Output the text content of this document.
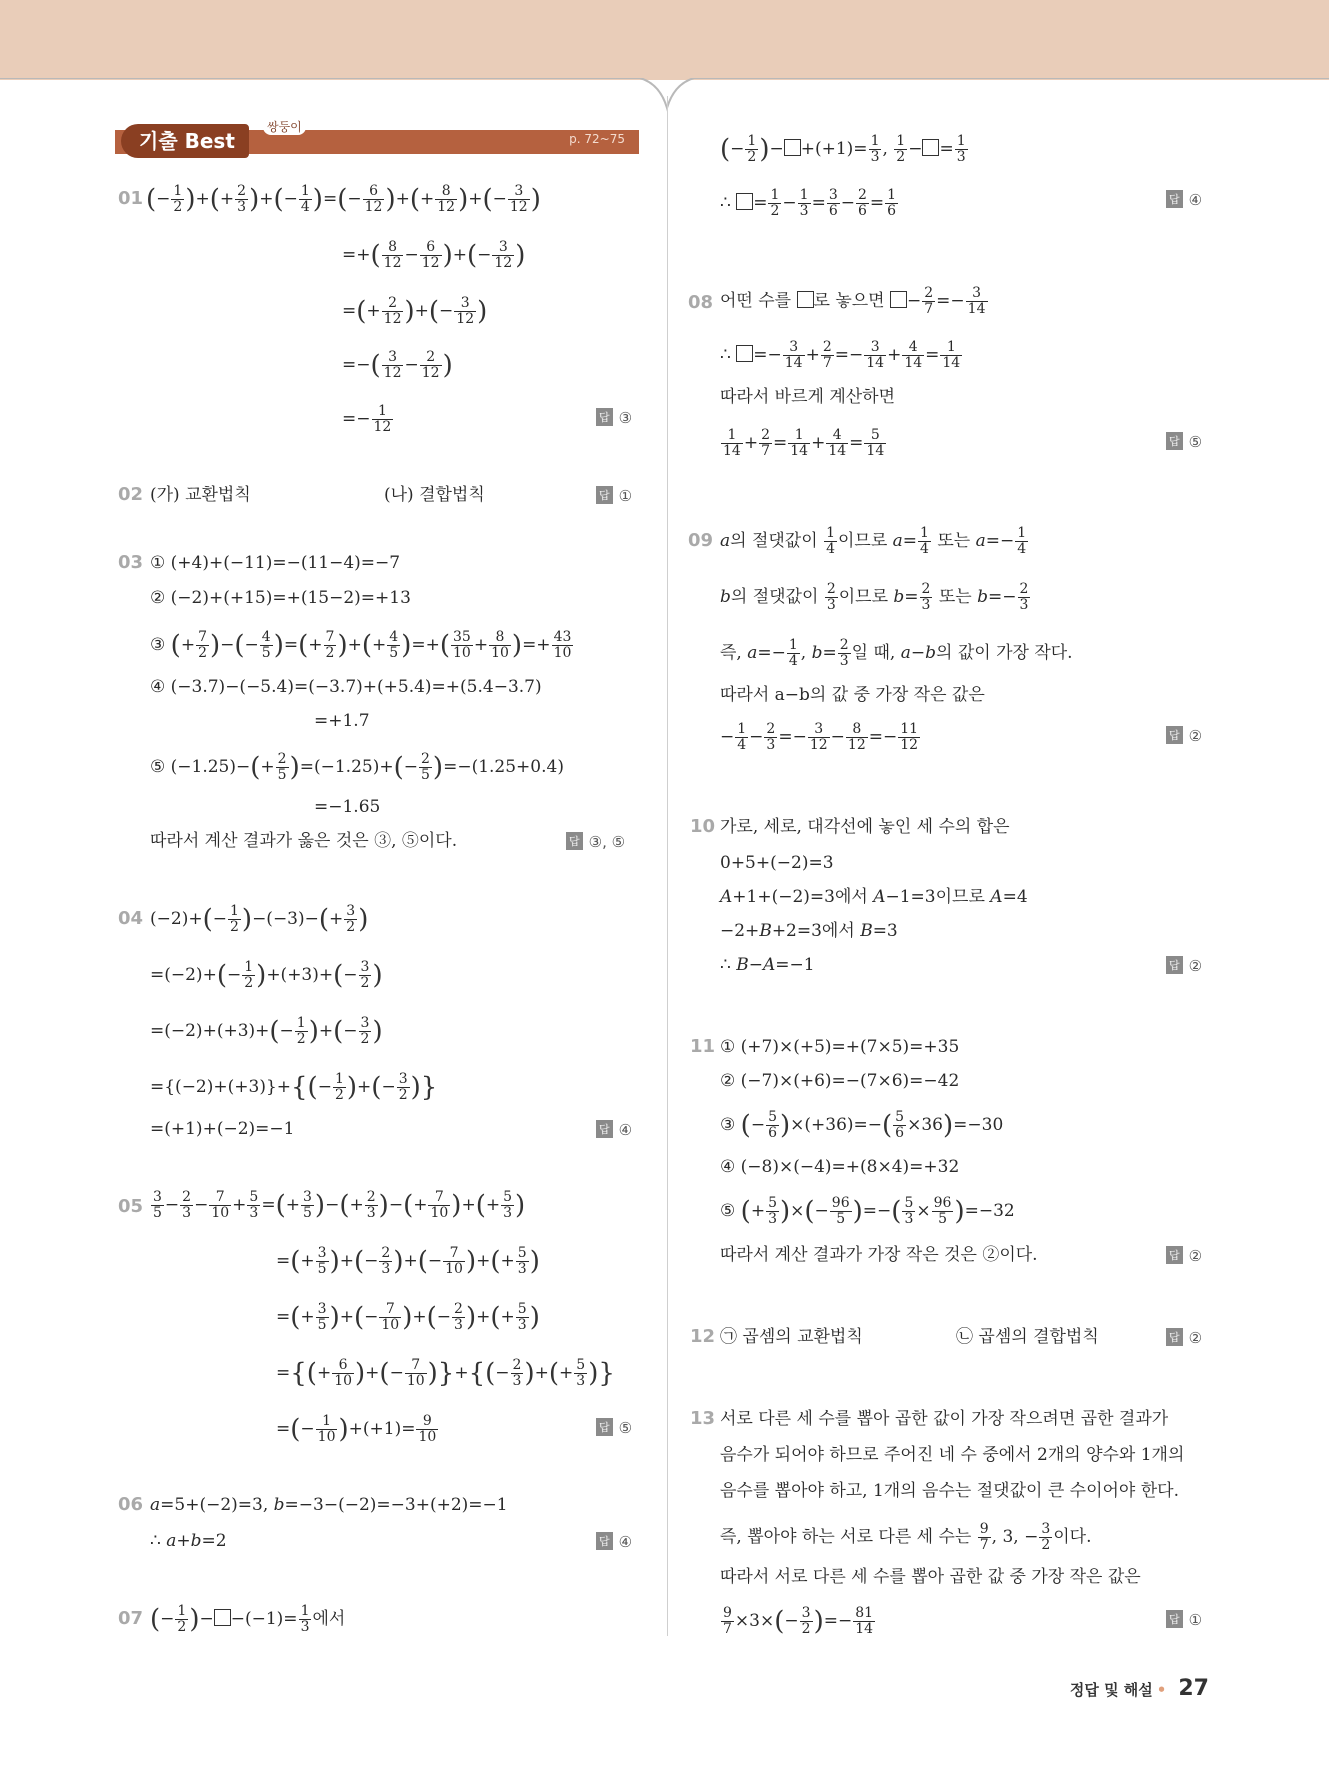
기출 Best
쌍둥이
p. 72~75
01 (− $\frac{1}{2}$ )+(+ $\frac{2}{3}$ )+(− $\frac{1}{4}$ )=(− $\frac{6}{12}$ )+(+ $\frac{8}{12}$ )+(− $\frac{3}{12}$ )
=+( $\frac{8}{12} - \frac{6}{12}$ )+(− $\frac{3}{12}$ )
=(+ $\frac{2}{12}$ )+(− $\frac{3}{12}$ )
=−( $\frac{3}{12} - \frac{2}{12}$ )
=− $\frac{1}{12}$	답 ③
02 (가) 교환법칙	(나) 결합법칙	답 ①
03 ① (+4)+(−11)=−(11−4)=−7
② (−2)+(+15)=+(15−2)=+13
③ (+ $\frac{7}{2}$ )−(− $\frac{4}{5}$ )=(+ $\frac{7}{2}$ )+(+ $\frac{4}{5}$ )=+( $\frac{35}{10} + \frac{8}{10}$ )=+ $\frac{43}{10}$
④ (−3.7)−(−5.4)=(−3.7)+(+5.4)=+(5.4−3.7)
=+1.7
⑤ $(-1.25)-(+ \frac{2}{5} )=(-1.25)+(- \frac{2}{5} )=-(1.25+0.4)$
=−1.65
따라서 계산 결과가 옳은 것은 ③, ⑤이다.	답 ③, ⑤
04 $(-2)+(- \frac{1}{2} )-(-3)-(+ \frac{3}{2}$ )
$=(-2)+(- \frac{1}{2} )+(+3)+(- \frac{3}{2}$ )
$=(-2)+(+3)+(- \frac{1}{2}$ )+(− $\frac{3}{2}$ )
$=\{(-2)+(+3)\}+\{(- \frac{1}{2}$ )+(− $\frac{3}{2}$ )}
=(+1)+(−2)=−1	답 ④
$05 \frac{3}{5} - \frac{2}{3} - \frac{7}{10} + \frac{5}{3}$ =(+ $\frac{3}{5}$ )−(+ $\frac{2}{3}$ )−(+ $\frac{7}{10}$ )+(+ $\frac{5}{3}$ )
=(+ $\frac{3}{5}$ )+(− $\frac{2}{3}$ )+(− $\frac{7}{10}$ )+(+ $\frac{5}{3}$ )
=(+ $\frac{3}{5}$ )+(− $\frac{7}{10}$ )+(− $\frac{2}{3}$ )+(+ $\frac{5}{3}$ )
={(+ $\frac{6}{10}$ )+(− $\frac{7}{10}$ )}+{(− $\frac{2}{3}$ )+(+ $\frac{5}{3}$ )}
=(− $\frac{1}{10} )+(+1)= \frac{9}{10}$	답 ⑤
06 a=5+(−2)=3, b=−3−(−2)=−3+(+2)=−1
∴ a+b=2	답 ④
07 (− $\frac{1}{2}$ )− $-(-1)= \frac{1}{3}$ 에서
(− $\frac{1}{2}$ )− $+(+1)= \frac{1}{3}$ , $\frac{1}{2}$ − = $\frac{1}{3}$
∴ = $\frac{1}{2} - \frac{1}{3} = \frac{3}{6} - \frac{2}{6} = \frac{1}{6}$	답 ④
08 어떤 수를 로 놓으면 − $\frac{2}{7} =- \frac{3}{14}$
∴ =− $\frac{3}{14} + \frac{2}{7} =- \frac{3}{14} + \frac{4}{14} = \frac{1}{14}$
따라서 바르게 계산하면
$\frac{1}{14} + \frac{2}{7} = \frac{1}{14} + \frac{4}{14} = \frac{5}{14}$	답 ⑤
09 a의 절댓값이 $\frac{1}{4}$ 이므로 $a= \frac{1}{4}$ 또는 $a=- \frac{1}{4}$
b의 절댓값이 $\frac{2}{3}$ 이므로 $b= \frac{2}{3}$ 또는 $b=- \frac{2}{3}$
즉, $a=- \frac{1}{4}$ , $b= \frac{2}{3}$ 일 때, a−b의 값이 가장 작다.
따라서 a−b의 값 중 가장 작은 값은
− $\frac{1}{4} - \frac{2}{3} =- \frac{3}{12} - \frac{8}{12} =- \frac{11}{12}$	답 ②
10 가로, 세로, 대각선에 놓인 세 수의 합은
0+5+(−2)=3
A+1+(−2)=3에서 A−1=3이므로 A=4
−2+B+2=3에서 B=3
∴ B−A=−1	답 ②
11 ① (+7)×(+5)=+(7×5)=+35
② (−7)×(+6)=−(7×6)=−42
③ (− $\frac{5}{6} )\times(+36)=-( \frac{5}{6} \times 36)=-30$
④ (−8)×(−4)=+(8×4)=+32
⑤ (+ $\frac{5}{3}$ )×(− $\frac{96}{5}$ )=−( $\frac{5}{3} \times \frac{96}{5} )=-32$
따라서 계산 결과가 가장 작은 것은 ②이다.	답 ②
12 ㉠ 곱셈의 교환법칙	㉡ 곱셈의 결합법칙	답 ②
13 서로 다른 세 수를 뽑아 곱한 값이 가장 작으려면 곱한 결과가
음수가 되어야 하므로 주어진 네 수 중에서 2개의 양수와 1개의
음수를 뽑아야 하고, 1개의 음수는 절댓값이 큰 수이어야 한다.
즉, 뽑아야 하는 서로 다른 세 수는 $\frac{9}{7}$ , 3, − $\frac{3}{2}$ 이다.
따라서 서로 다른 세 수를 뽑아 곱한 값 중 가장 작은 값은
$\frac{9}{7} \times 3\times(- \frac{3}{2}$ )=− $\frac{81}{14}$	답 ①
정답 및 해설 • 27
